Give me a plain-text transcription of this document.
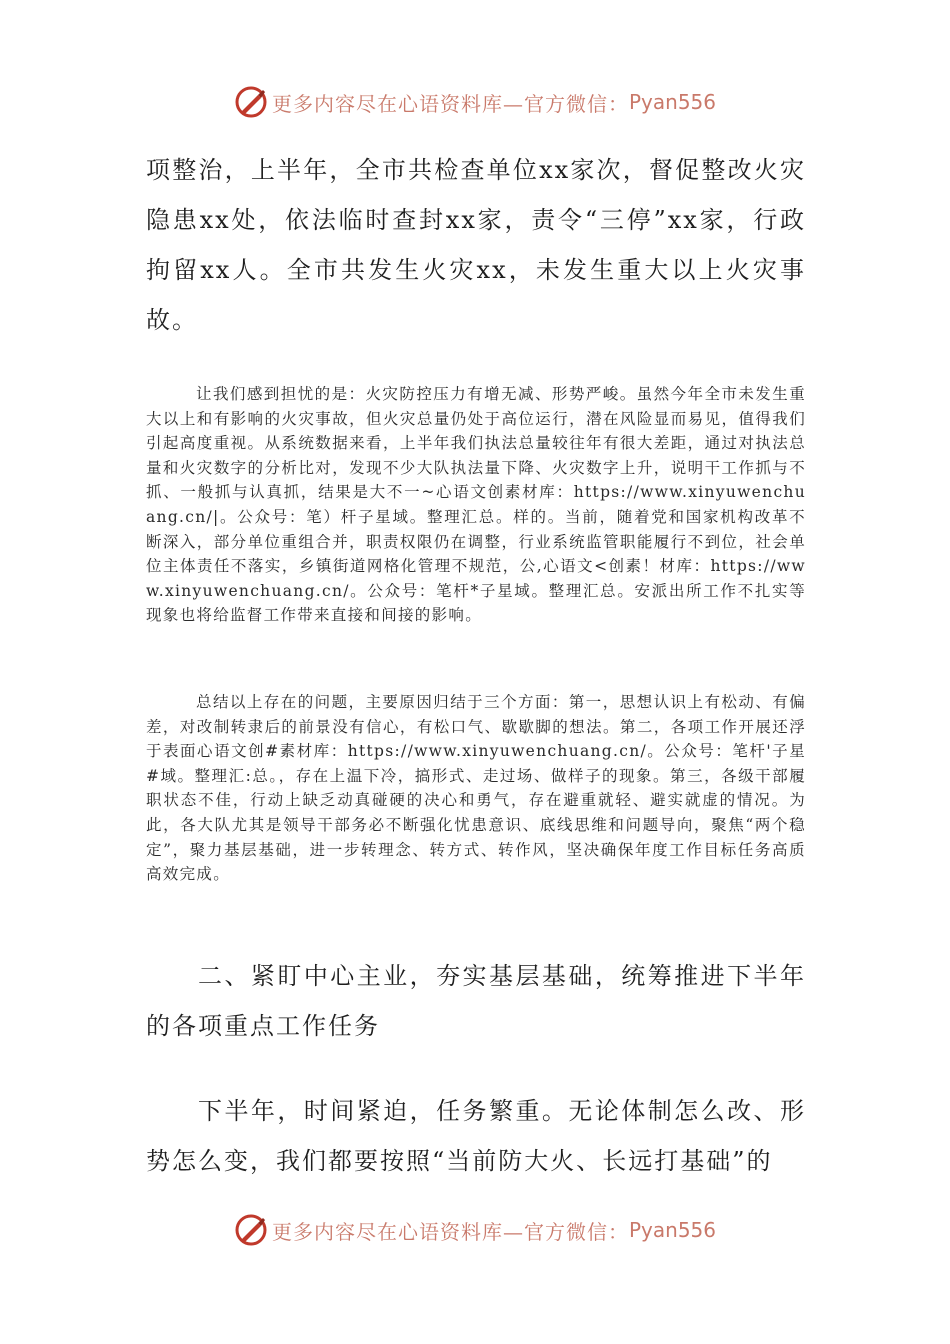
更多内容尽在心语资料库—官方微信： Pyan556

项整治，上半年，全市共检查单位xx家次，督促整改火灾隐患xx处，依法临时查封xx家，责令“三停”xx家，行政拘留xx人。全市共发生火灾xx，未发生重大以上火灾事故。

让我们感到担忧的是：火灾防控压力有增无减、形势严峻。虽然今年全市未发生重大以上和有影响的火灾事故，但火灾总量仍处于高位运行，潜在风险显而易见，值得我们引起高度重视。从系统数据来看，上半年我们执法总量较往年有很大差距，通过对执法总量和火灾数字的分析比对，发现不少大队执法量下降、火灾数字上升，说明干工作抓与不抓、一般抓与认真抓，结果是大不一~心语文创素材库：https://www.xinyuwenchuang.cn/|。公众号：笔）杆子星域。整理汇总。样的。当前，随着党和国家机构改革不断深入，部分单位重组合并，职责权限仍在调整，行业系统监管职能履行不到位，社会单位主体责任不落实，乡镇街道网格化管理不规范，公,心语文<创素！材库：https://www.xinyuwenchuang.cn/。公众号：笔杆*子星域。整理汇总。安派出所工作不扎实等现象也将给监督工作带来直接和间接的影响。

总结以上存在的问题，主要原因归结于三个方面：第一，思想认识上有松动、有偏差，对改制转隶后的前景没有信心，有松口气、歇歇脚的想法。第二，各项工作开展还浮于表面心语文创#素材库：https://www.xinyuwenchuang.cn/。公众号：笔杆'子星#域。整理汇:总。，存在上温下冷，搞形式、走过场、做样子的现象。第三，各级干部履职状态不佳，行动上缺乏动真碰硬的决心和勇气，存在避重就轻、避实就虚的情况。为此，各大队尤其是领导干部务必不断强化忧患意识、底线思维和问题导向，聚焦“两个稳定”，聚力基层基础，进一步转理念、转方式、转作风，坚决确保年度工作目标任务高质高效完成。

二、紧盯中心主业，夯实基层基础，统筹推进下半年的各项重点工作任务

下半年，时间紧迫，任务繁重。无论体制怎么改、形势怎么变，我们都要按照“当前防大火、长远打基础”的

更多内容尽在心语资料库—官方微信： Pyan556
